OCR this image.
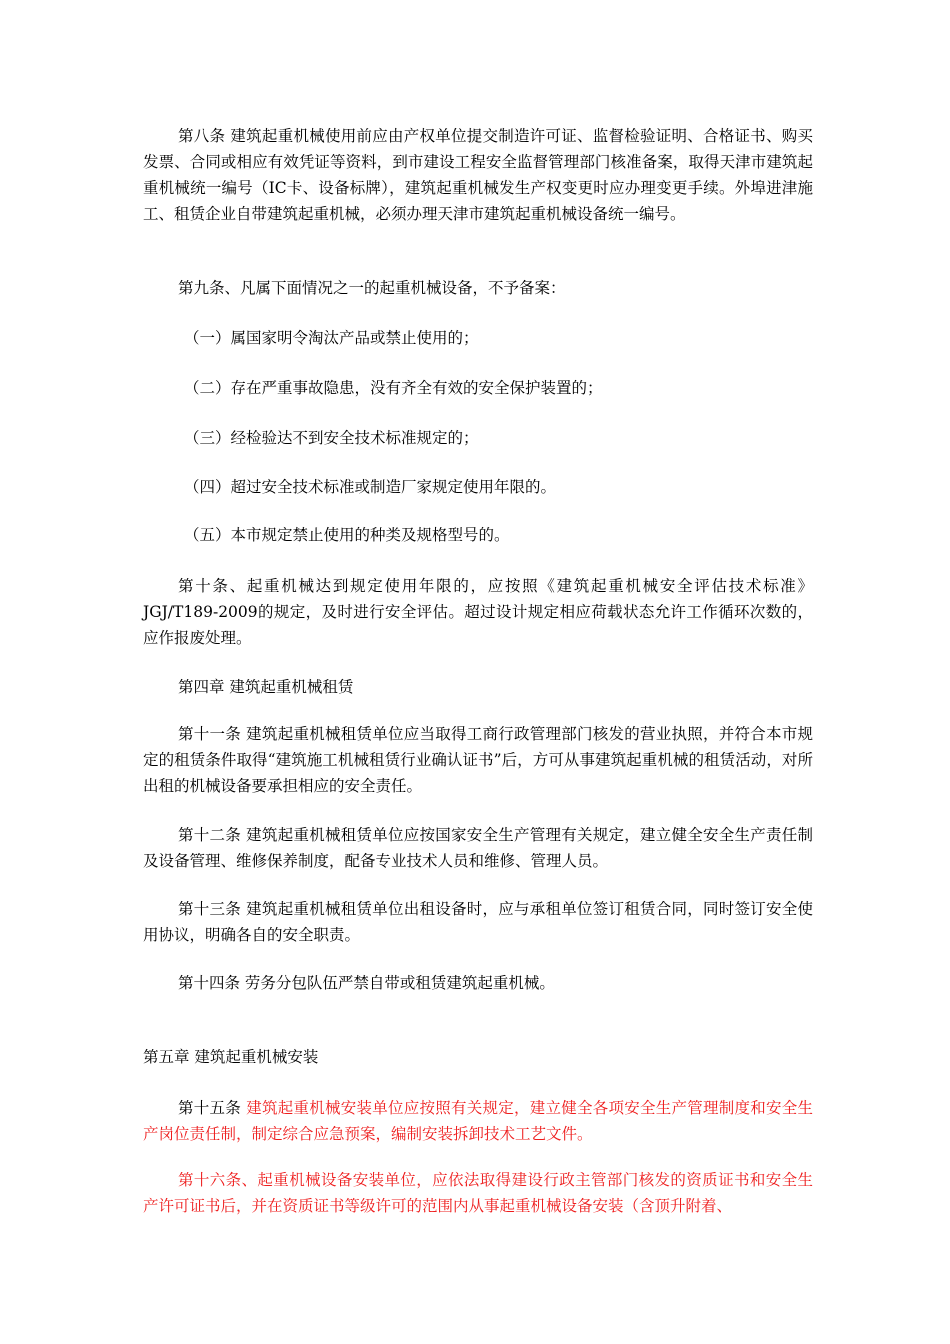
第八条 建筑起重机械使用前应由产权单位提交制造许可证、监督检验证明、合格证书、购买发票、合同或相应有效凭证等资料，到市建设工程安全监督管理部门核准备案，取得天津市建筑起重机械统一编号（IC卡、设备标牌），建筑起重机械发生产权变更时应办理变更手续。外埠进津施工、租赁企业自带建筑起重机械，必须办理天津市建筑起重机械设备统一编号。

第九条、凡属下面情况之一的起重机械设备，不予备案：

（一）属国家明令淘汰产品或禁止使用的；

（二）存在严重事故隐患，没有齐全有效的安全保护装置的；

（三）经检验达不到安全技术标准规定的；

（四）超过安全技术标准或制造厂家规定使用年限的。

（五）本市规定禁止使用的种类及规格型号的。

第十条、起重机械达到规定使用年限的，应按照《建筑起重机械安全评估技术标准》JGJ/T189-2009的规定，及时进行安全评估。超过设计规定相应荷载状态允许工作循环次数的，应作报废处理。

第四章 建筑起重机械租赁

第十一条 建筑起重机械租赁单位应当取得工商行政管理部门核发的营业执照，并符合本市规定的租赁条件取得“建筑施工机械租赁行业确认证书”后，方可从事建筑起重机械的租赁活动，对所出租的机械设备要承担相应的安全责任。

第十二条 建筑起重机械租赁单位应按国家安全生产管理有关规定，建立健全安全生产责任制及设备管理、维修保养制度，配备专业技术人员和维修、管理人员。

第十三条 建筑起重机械租赁单位出租设备时，应与承租单位签订租赁合同，同时签订安全使用协议，明确各自的安全职责。

第十四条 劳务分包队伍严禁自带或租赁建筑起重机械。

第五章 建筑起重机械安装

第十五条 建筑起重机械安装单位应按照有关规定，建立健全各项安全生产管理制度和安全生产岗位责任制，制定综合应急预案，编制安装拆卸技术工艺文件。

第十六条、起重机械设备安装单位，应依法取得建设行政主管部门核发的资质证书和安全生产许可证书后，并在资质证书等级许可的范围内从事起重机械设备安装（含顶升附着、
